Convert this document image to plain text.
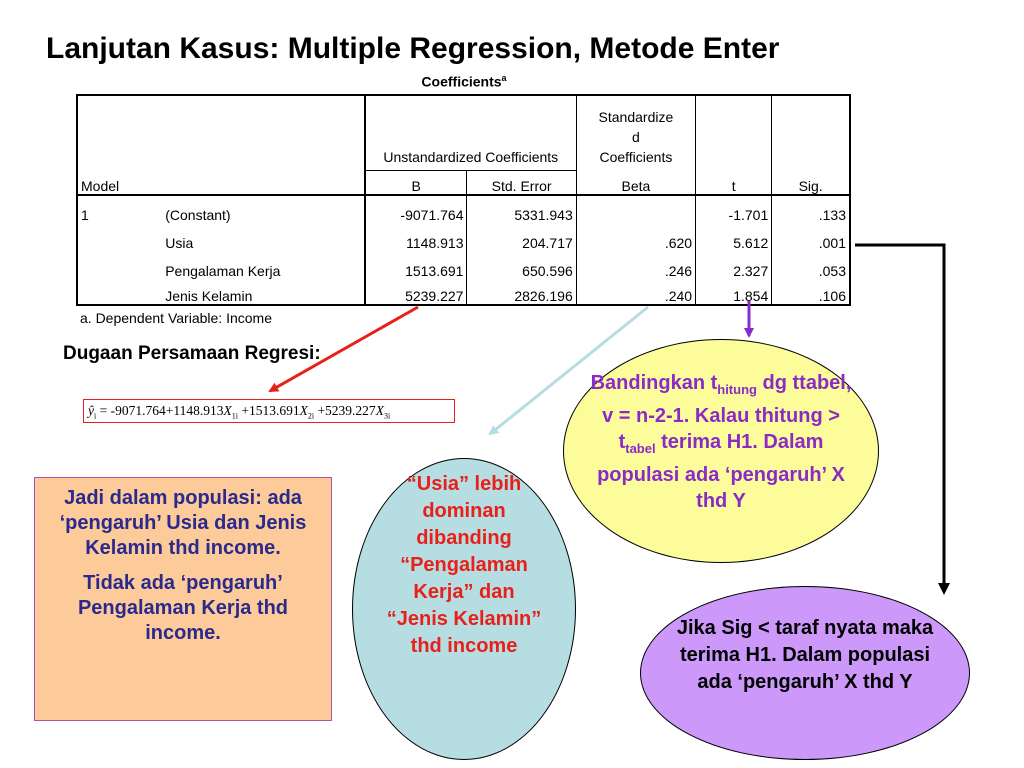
Lanjutan Kasus: Multiple Regression, Metode Enter
Coefficients$^a$
		Unstandardized Coefficients		Standardize
d
Coefficients		

Model		B	Std. Error	Beta	t	Sig.
1	(Constant)	-9071.764	5331.943		-1.701	.133
	Usia	1148.913	204.717	.620	5.612	.001
	Pengalaman Kerja	1513.691	650.596	.246	2.327	.053
	Jenis Kelamin	5239.227	2826.196	.240	1.854	.106
a. Dependent Variable: Income
Dugaan Persamaan Regresi:
$ŷ_i = -9071.764+1148.913X_{1i} +1513.691X_{2i} +5239.227X_{3i}$

Jadi dalam populasi: ada ‘pengaruh’ Usia dan Jenis Kelamin thd income.

Tidak ada ‘pengaruh’ Pengalaman Kerja thd income.

“Usia” lebih dominan dibanding “Pengalaman Kerja” dan “Jenis Kelamin” thd income
Bandingkan $t_{hitung}$ dg ttabel, v = n-2-1. Kalau thitung > $t_{tabel}$ terima H1. Dalam populasi ada ‘pengaruh’ X thd Y
Jika Sig < taraf nyata maka terima H1. Dalam populasi ada ‘pengaruh’ X thd Y
